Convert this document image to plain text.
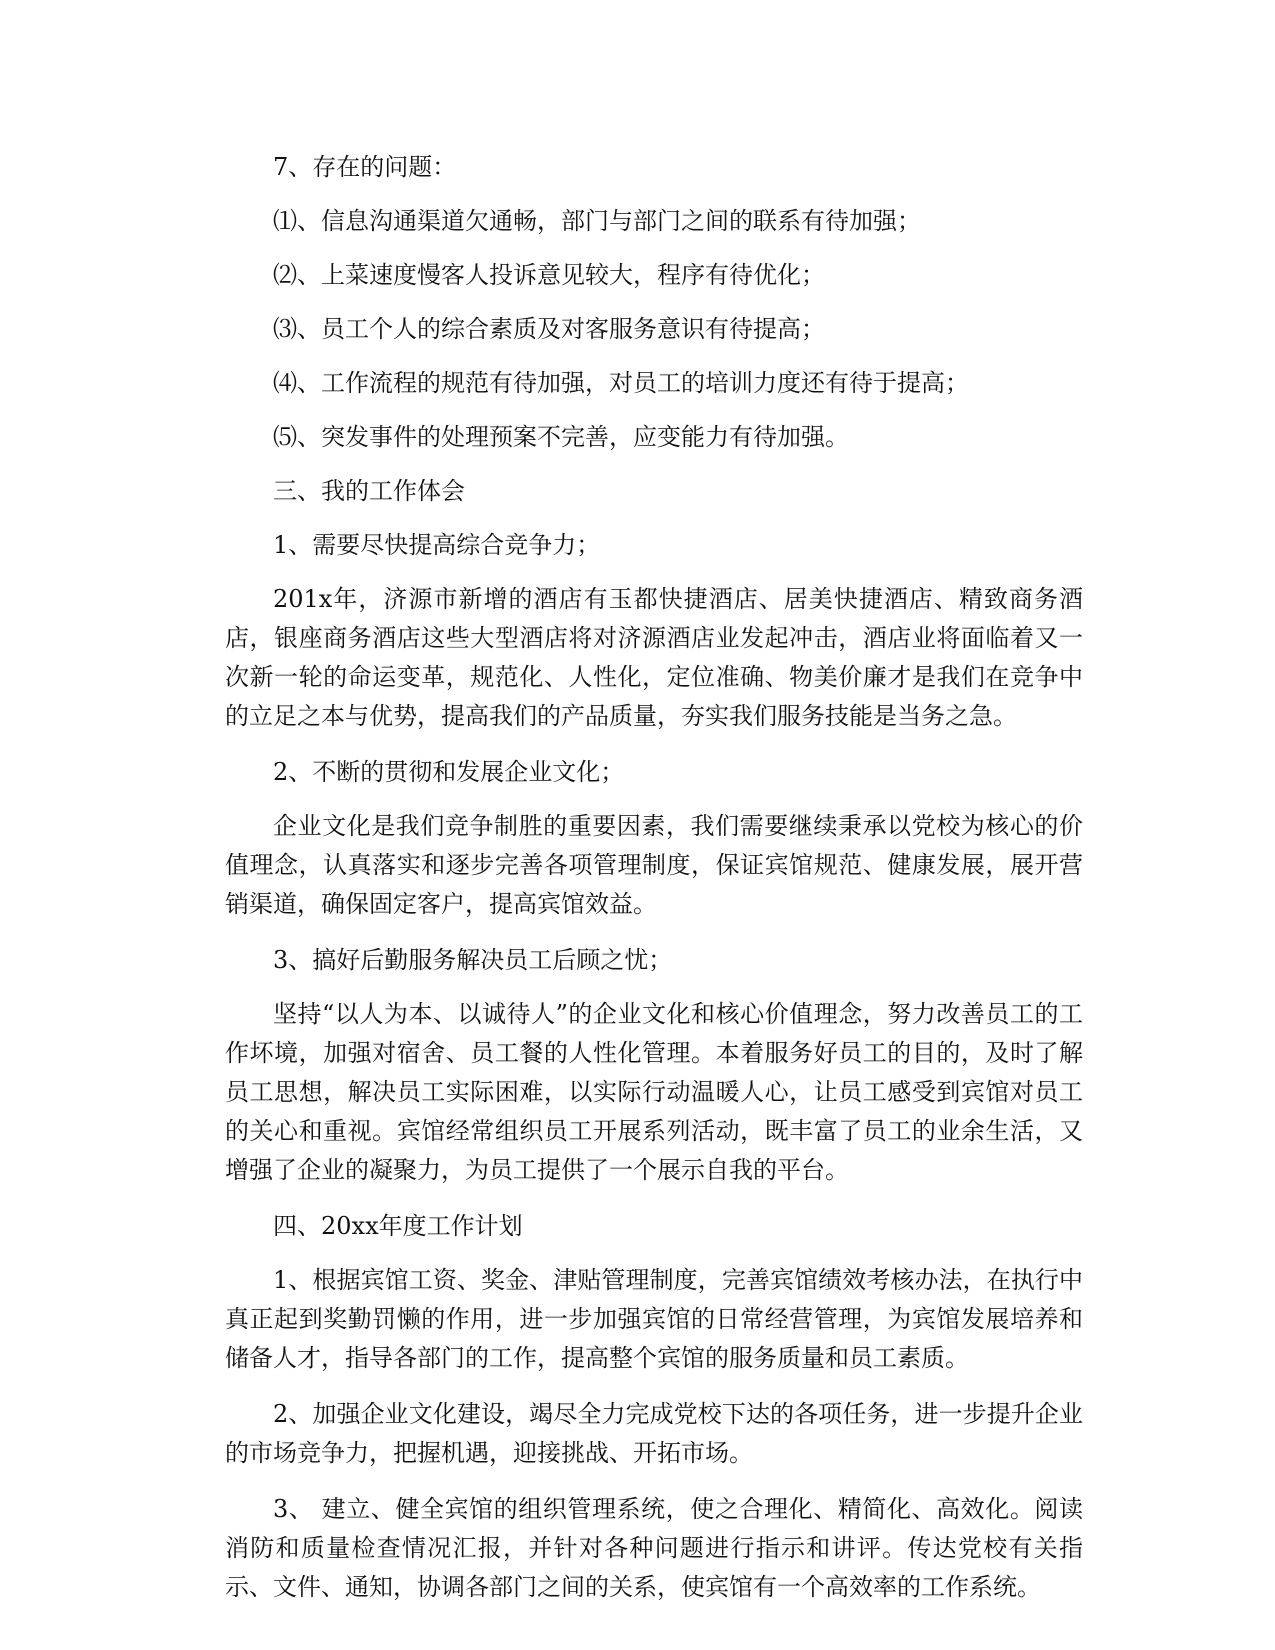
7、存在的问题：

⑴、信息沟通渠道欠通畅，部门与部门之间的联系有待加强；

⑵、上菜速度慢客人投诉意见较大，程序有待优化；

⑶、员工个人的综合素质及对客服务意识有待提高；

⑷、工作流程的规范有待加强，对员工的培训力度还有待于提高；

⑸、突发事件的处理预案不完善，应变能力有待加强。

三、我的工作体会

1、需要尽快提高综合竞争力；

201x年，济源市新增的酒店有玉都快捷酒店、居美快捷酒店、精致商务酒店，银座商务酒店这些大型酒店将对济源酒店业发起冲击，酒店业将面临着又一次新一轮的命运变革，规范化、人性化，定位准确、物美价廉才是我们在竞争中的立足之本与优势，提高我们的产品质量，夯实我们服务技能是当务之急。

2、不断的贯彻和发展企业文化；

企业文化是我们竞争制胜的重要因素，我们需要继续秉承以党校为核心的价值理念，认真落实和逐步完善各项管理制度，保证宾馆规范、健康发展，展开营销渠道，确保固定客户，提高宾馆效益。

3、搞好后勤服务解决员工后顾之忧；

坚持“以人为本、以诚待人”的企业文化和核心价值理念，努力改善员工的工作坏境，加强对宿舍、员工餐的人性化管理。本着服务好员工的目的，及时了解员工思想，解决员工实际困难，以实际行动温暖人心，让员工感受到宾馆对员工的关心和重视。宾馆经常组织员工开展系列活动，既丰富了员工的业余生活，又增强了企业的凝聚力，为员工提供了一个展示自我的平台。

四、20xx年度工作计划

1、根据宾馆工资、奖金、津贴管理制度，完善宾馆绩效考核办法，在执行中真正起到奖勤罚懒的作用，进一步加强宾馆的日常经营管理，为宾馆发展培养和储备人才，指导各部门的工作，提高整个宾馆的服务质量和员工素质。

2、加强企业文化建设，竭尽全力完成党校下达的各项任务，进一步提升企业的市场竞争力，把握机遇，迎接挑战、开拓市场。

3、 建立、健全宾馆的组织管理系统，使之合理化、精简化、高效化。阅读消防和质量检查情况汇报，并针对各种问题进行指示和讲评。传达党校有关指示、文件、通知，协调各部门之间的关系，使宾馆有一个高效率的工作系统。
